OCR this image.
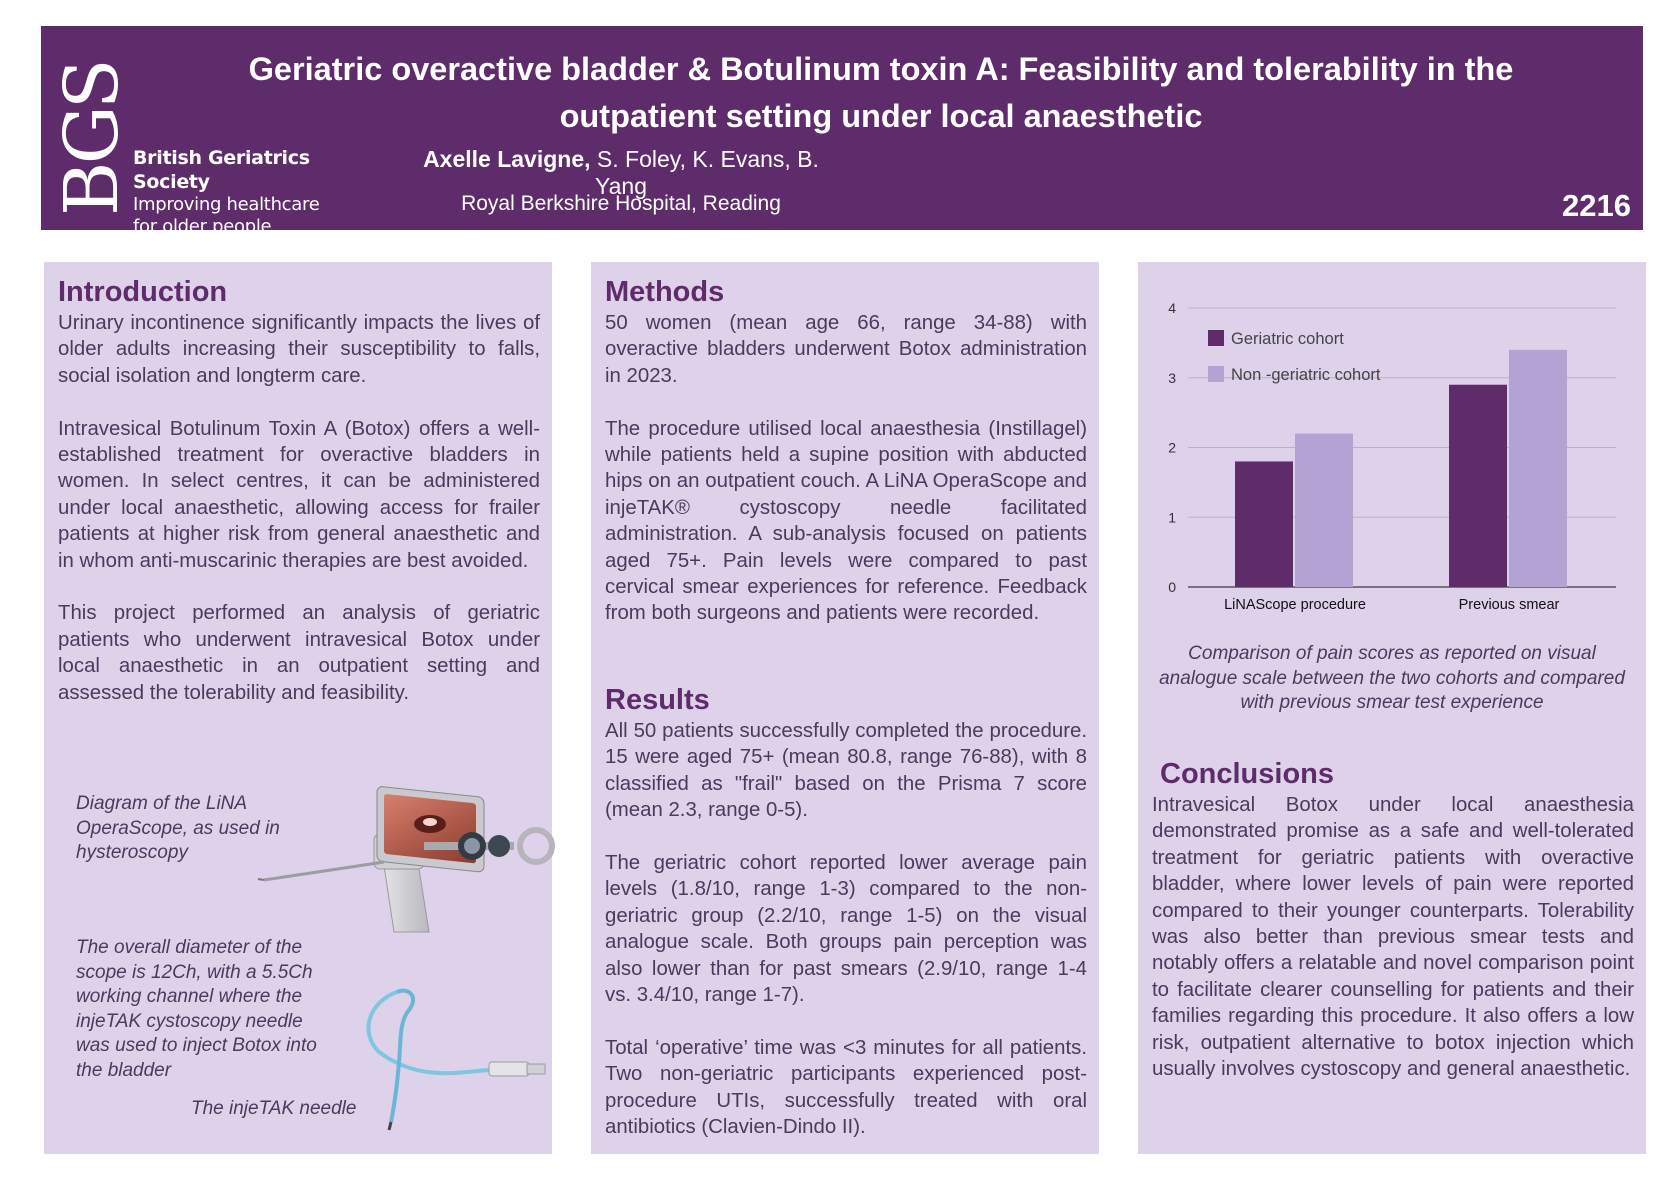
BGS
British Geriatrics Society
Improving healthcare
for older people
Geriatric overactive bladder & Botulinum toxin A: Feasibility and tolerability in the
outpatient setting under local anaesthetic
Axelle Lavigne, S. Foley, K. Evans, B. Yang
Royal Berkshire Hospital, Reading	2216
Introduction

Urinary incontinence significantly impacts the lives of older adults increasing their susceptibility to falls, social isolation and longterm care.

Intravesical Botulinum Toxin A (Botox) offers a well-established treatment for overactive bladders in women. In select centres, it can be administered under local anaesthetic, allowing access for frailer patients at higher risk from general anaesthetic and in whom anti-muscarinic therapies are best avoided.

This project performed an analysis of geriatric patients who underwent intravesical Botox under local anaesthetic in an outpatient setting and assessed the tolerability and feasibility.

Diagram of the LiNA OperaScope, as used in hysteroscopy
The overall diameter of the scope is 12Ch, with a 5.5Ch working channel where the injeTAK cystoscopy needle was used to inject Botox into the bladder
The injeTAK needle
Methods

50 women (mean age 66, range 34-88) with overactive bladders underwent Botox administration in 2023.

The procedure utilised local anaesthesia (Instillagel) while patients held a supine position with abducted hips on an outpatient couch. A LiNA OperaScope and injeTAK® cystoscopy needle facilitated administration. A sub-analysis focused on patients aged 75+. Pain levels were compared to past cervical smear experiences for reference. Feedback from both surgeons and patients were recorded.

Results

All 50 patients successfully completed the procedure. 15 were aged 75+ (mean 80.8, range 76-88), with 8 classified as "frail" based on the Prisma 7 score (mean 2.3, range 0-5).

The geriatric cohort reported lower average pain levels (1.8/10, range 1-3) compared to the non-geriatric group (2.2/10, range 1-5) on the visual analogue scale. Both groups pain perception was also lower than for past smears (2.9/10, range 1-4 vs. 3.4/10, range 1-7).

Total ‘operative’ time was <3 minutes for all patients. Two non-geriatric participants experienced post-procedure UTIs, successfully treated with oral antibiotics (Clavien-Dindo II).

0
1
2
3
4
LiNAScope procedure	Previous smear
Geriatric cohort
Non -geriatric cohort
Comparison of pain scores as reported on visual analogue scale between the two cohorts and compared with previous smear test experience
Conclusions
Intravesical Botox under local anaesthesia demonstrated promise as a safe and well-tolerated treatment for geriatric patients with overactive bladder, where lower levels of pain were reported compared to their younger counterparts. Tolerability was also better than previous smear tests and notably offers a relatable and novel comparison point to facilitate clearer counselling for patients and their families regarding this procedure. It also offers a low risk, outpatient alternative to botox injection which usually involves cystoscopy and general anaesthetic.
